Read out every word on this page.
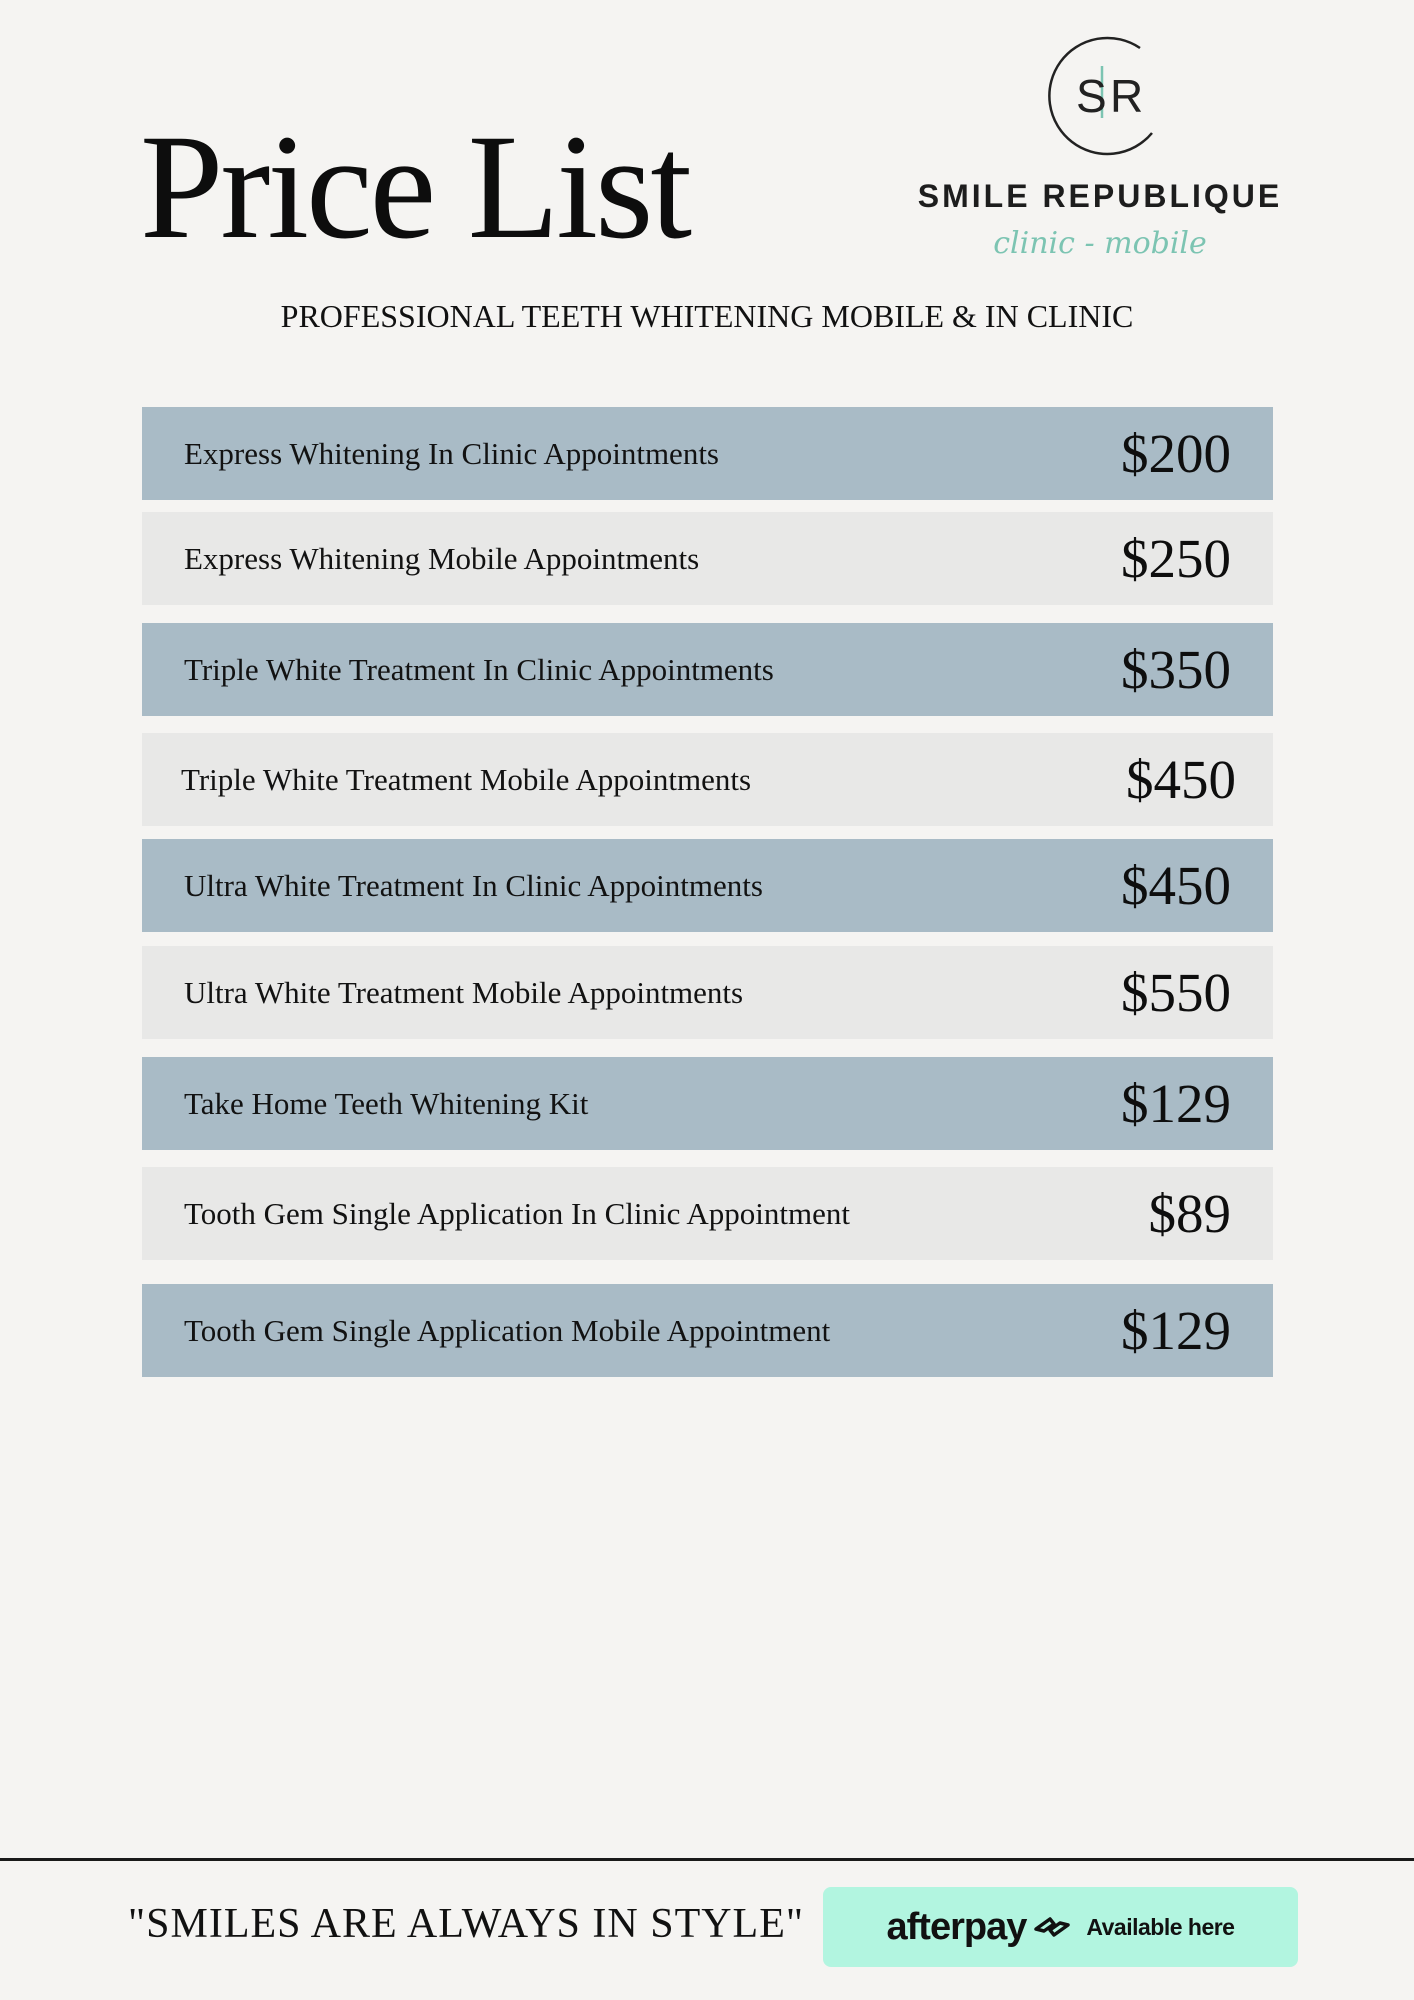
Price List
S R
SMILE REPUBLIQUE
clinic - mobile
PROFESSIONAL TEETH WHITENING MOBILE & IN CLINIC
Express Whitening In Clinic Appointments	$200
Express Whitening Mobile Appointments	$250
Triple White Treatment In Clinic Appointments	$350
Triple White Treatment Mobile Appointments	$450
Ultra White Treatment In Clinic Appointments	$450
Ultra White Treatment Mobile Appointments	$550
Take Home Teeth Whitening Kit	$129
Tooth Gem Single Application In Clinic Appointment	$89
Tooth Gem Single Application Mobile Appointment	$129
"SMILES ARE ALWAYS IN STYLE" afterpay	Available here
